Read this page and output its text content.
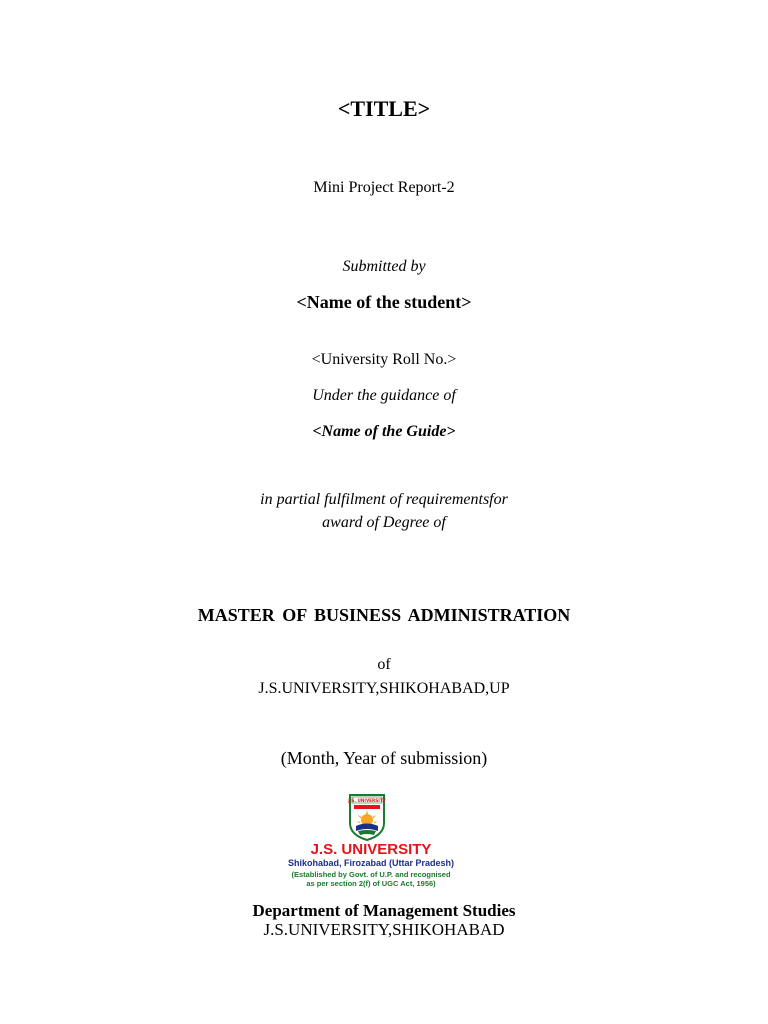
<TITLE>
Mini Project Report-2
Submitted by
<Name of the student>
<University Roll No.>
Under the guidance of
<Name of the Guide>
in partial fulfilment of requirementsfor
award of Degree of
MASTER OF BUSINESS ADMINISTRATION
of
J.S.UNIVERSITY,SHIKOHABAD,UP
(Month, Year of submission)
J.S. UNIVERSITY
J.S. UNIVERSITY
Shikohabad, Firozabad (Uttar Pradesh)
(Established by Govt. of U.P. and recognised
as per section 2(f) of UGC Act, 1956)
Department of Management Studies
J.S.UNIVERSITY,SHIKOHABAD
